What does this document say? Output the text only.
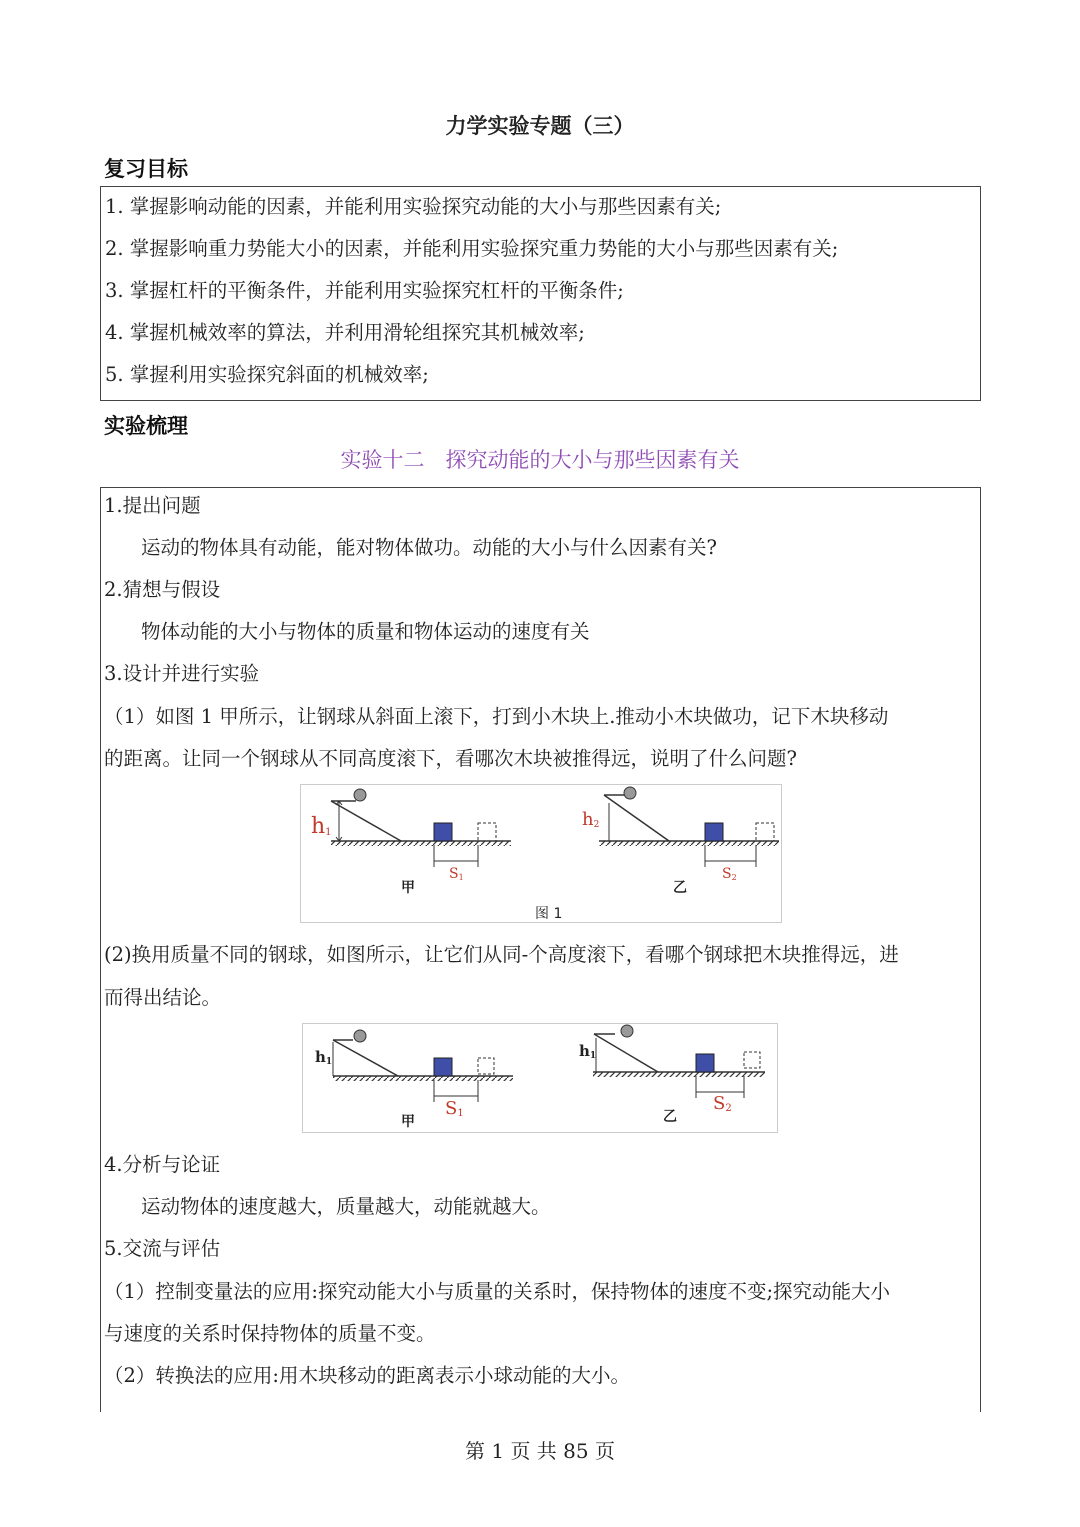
力学实验专题（三）
复习目标
1. 掌握影响动能的因素，并能利用实验探究动能的大小与那些因素有关;
2. 掌握影响重力势能大小的因素，并能利用实验探究重力势能的大小与那些因素有关;
3. 掌握杠杆的平衡条件，并能利用实验探究杠杆的平衡条件;
4. 掌握机械效率的算法，并利用滑轮组探究其机械效率;
5. 掌握利用实验探究斜面的机械效率;
实验梳理
实验十二　探究动能的大小与那些因素有关
1.提出问题
运动的物体具有动能，能对物体做功。动能的大小与什么因素有关?
2.猜想与假设
物体动能的大小与物体的质量和物体运动的速度有关
3.设计并进行实验
（1）如图 1 甲所示，让钢球从斜面上滚下，打到小木块上.推动小木块做功，记下木块移动
的距离。让同一个钢球从不同高度滚下，看哪次木块被推得远，说明了什么问题?
h1
h2
S1	S2
甲	乙
图 1
(2)换用质量不同的钢球，如图所示，让它们从同-个高度滚下，看哪个钢球把木块推得远，进
而得出结论。
h1
h1
S1	S2
甲	乙
4.分析与论证
运动物体的速度越大，质量越大，动能就越大。
5.交流与评估
（1）控制变量法的应用:探究动能大小与质量的关系时，保持物体的速度不变;探究动能大小
与速度的关系时保持物体的质量不变。
（2）转换法的应用:用木块移动的距离表示小球动能的大小。
第 1 页 共 85 页
